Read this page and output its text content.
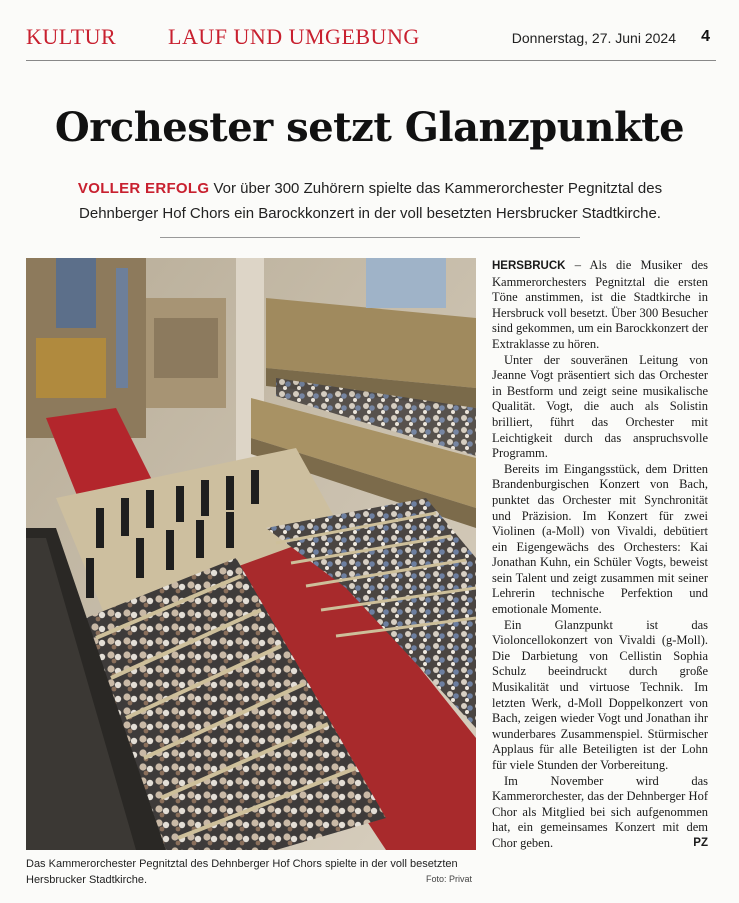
KULTUR LAUF UND UMGEBUNG	Donnerstag, 27. Juni 2024 4
Orchester setzt Glanzpunkte
VOLLER ERFOLG Vor über 300 Zuhörern spielte das Kammerorchester Pegnitztal des Dehnberger Hof Chors ein Barockkonzert in der voll besetzten Hersbrucker Stadtkirche.
Das Kammerorchester Pegnitztal des Dehnberger Hof Chors spielte in der voll besetzten Hersbrucker Stadtkirche.	Foto: Privat

HERSBRUCK – Als die Musiker des Kammerorchesters Pegnitztal die ersten Töne anstimmen, ist die Stadtkirche in Hersbruck voll besetzt. Über 300 Besucher sind gekommen, um ein Barockkonzert der Extraklasse zu hören.

Unter der souveränen Leitung von Jeanne Vogt präsentiert sich das Orchester in Bestform und zeigt seine musikalische Qualität. Vogt, die auch als Solistin brilliert, führt das Orchester mit Leichtigkeit durch das anspruchsvolle Programm.

Bereits im Eingangsstück, dem Dritten Brandenburgischen Konzert von Bach, punktet das Orchester mit Synchronität und Präzision. Im Konzert für zwei Violinen (a-Moll) von Vivaldi, debütiert ein Eigengewächs des Orchesters: Kai Jonathan Kuhn, ein Schüler Vogts, beweist sein Talent und zeigt zusammen mit seiner Lehrerin technische Perfektion und emotionale Momente.

Ein Glanzpunkt ist das Violoncellokonzert von Vivaldi (g-Moll). Die Darbietung von Cellistin Sophia Schulz beeindruckt durch große Musikalität und virtuose Technik. Im letzten Werk, d-Moll Doppelkonzert von Bach, zeigen wieder Vogt und Jonathan ihr wunderbares Zusammenspiel. Stürmischer Applaus für alle Beteiligten ist der Lohn für viele Stunden der Vorbereitung.

Im November wird das Kammerorchester, das der Dehnberger Hof Chor als Mitglied bei sich aufgenommen hat, ein gemeinsames Konzert mit dem Chor geben.	PZ
